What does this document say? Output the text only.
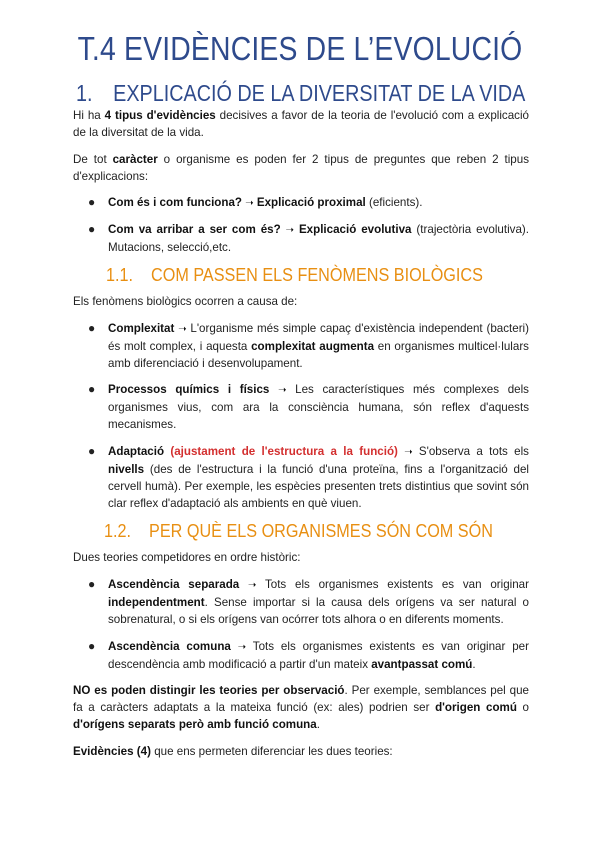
T.4 EVIDÈNCIES DE L’EVOLUCIÓ
1. EXPLICACIÓ DE LA DIVERSITAT DE LA VIDA
Hi ha 4 tipus d'evidències decisives a favor de la teoria de l'evolució com a explicació de la diversitat de la vida.
De tot caràcter o organisme es poden fer 2 tipus de preguntes que reben 2 tipus d'explicacions:
● Com és i com funciona? ➝ Explicació proximal (eficients).
● Com va arribar a ser com és? ➝ Explicació evolutiva (trajectòria evolutiva). Mutacions, selecció,etc.
1.1. COM PASSEN ELS FENÒMENS BIOLÒGICS
Els fenòmens biològics ocorren a causa de:
● Complexitat ➝ L'organisme més simple capaç d'existència independent (bacteri) és molt complex, i aquesta complexitat augmenta en organismes multicel·lulars amb diferenciació i desenvolupament.
● Processos químics i físics ➝ Les característiques més complexes dels organismes vius, com ara la consciència humana, són reflex d'aquests mecanismes.
● Adaptació (ajustament de l'estructura a la funció) ➝ S'observa a tots els nivells (des de l'estructura i la funció d'una proteïna, fins a l'organització del cervell humà). Per exemple, les espècies presenten trets distintius que sovint són clar reflex d'adaptació als ambients en què viuen.
1.2. PER QUÈ ELS ORGANISMES SÓN COM SÓN
Dues teories competidores en ordre històric:
● Ascendència separada ➝ Tots els organismes existents es van originar independentment. Sense importar si la causa dels orígens va ser natural o sobrenatural, o si els orígens van ocórrer tots alhora o en diferents moments.
● Ascendència comuna ➝ Tots els organismes existents es van originar per descendència amb modificació a partir d'un mateix avantpassat comú.
NO es poden distingir les teories per observació. Per exemple, semblances pel que fa a caràcters adaptats a la mateixa funció (ex: ales) podrien ser d'origen comú o d'orígens separats però amb funció comuna.
Evidències (4) que ens permeten diferenciar les dues teories:
